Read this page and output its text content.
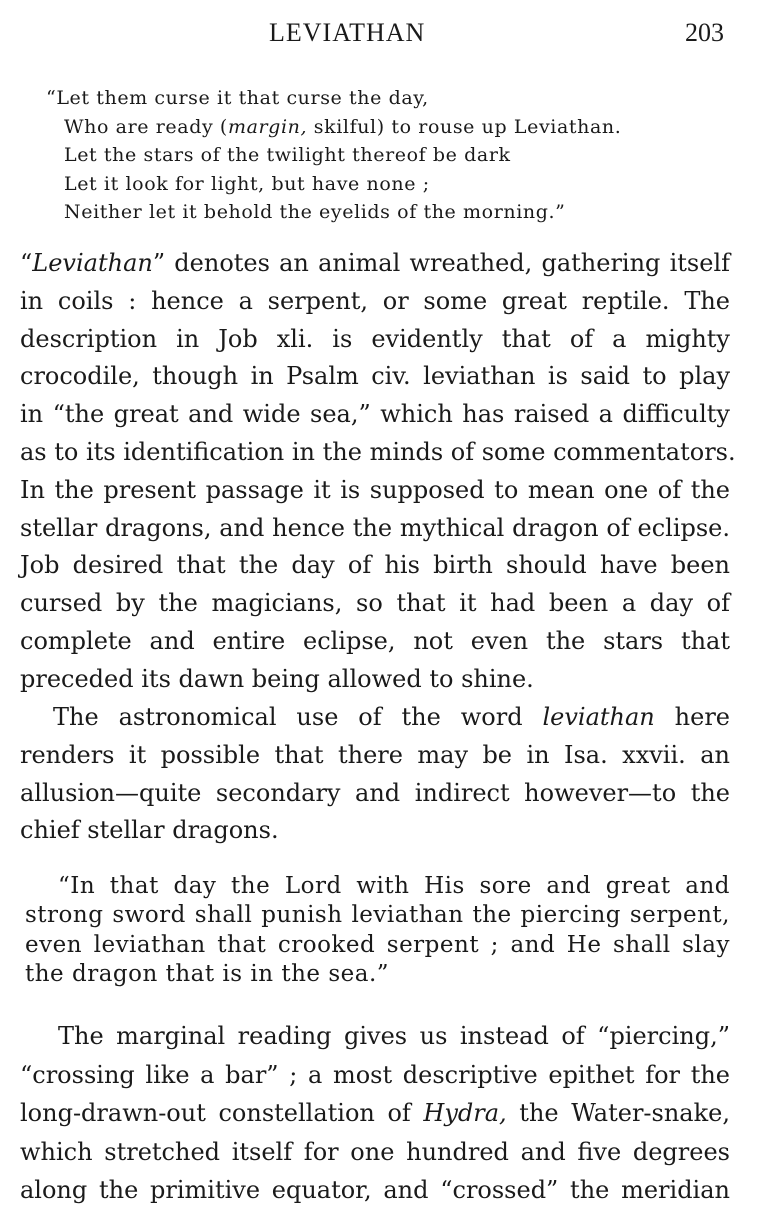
LEVIATHAN	203
“Let them curse it that curse the day,
Who are ready (margin, skilful) to rouse up Leviathan.
Let the stars of the twilight thereof be dark
Let it look for light, but have none ;
Neither let it behold the eyelids of the morning.”
“Leviathan” denotes an animal wreathed, gathering itself
in coils : hence a serpent, or some great reptile. The
description in Job xli. is evidently that of a mighty
crocodile, though in Psalm civ. leviathan is said to play
in “the great and wide sea,” which has raised a difficulty
as to its identification in the minds of some commentators.
In the present passage it is supposed to mean one of the
stellar dragons, and hence the mythical dragon of eclipse.
Job desired that the day of his birth should have been
cursed by the magicians, so that it had been a day of
complete and entire eclipse, not even the stars that
preceded its dawn being allowed to shine.
The astronomical use of the word leviathan here
renders it possible that there may be in Isa. xxvii. an
allusion—quite secondary and indirect however—to the
chief stellar dragons.
“In that day the Lord with His sore and great and
strong sword shall punish leviathan the piercing serpent,
even leviathan that crooked serpent ; and He shall slay
the dragon that is in the sea.”
The marginal reading gives us instead of “piercing,”
“crossing like a bar” ; a most descriptive epithet for the
long-drawn-out constellation of Hydra, the Water-snake,
which stretched itself for one hundred and five degrees
along the primitive equator, and “crossed” the meridian
